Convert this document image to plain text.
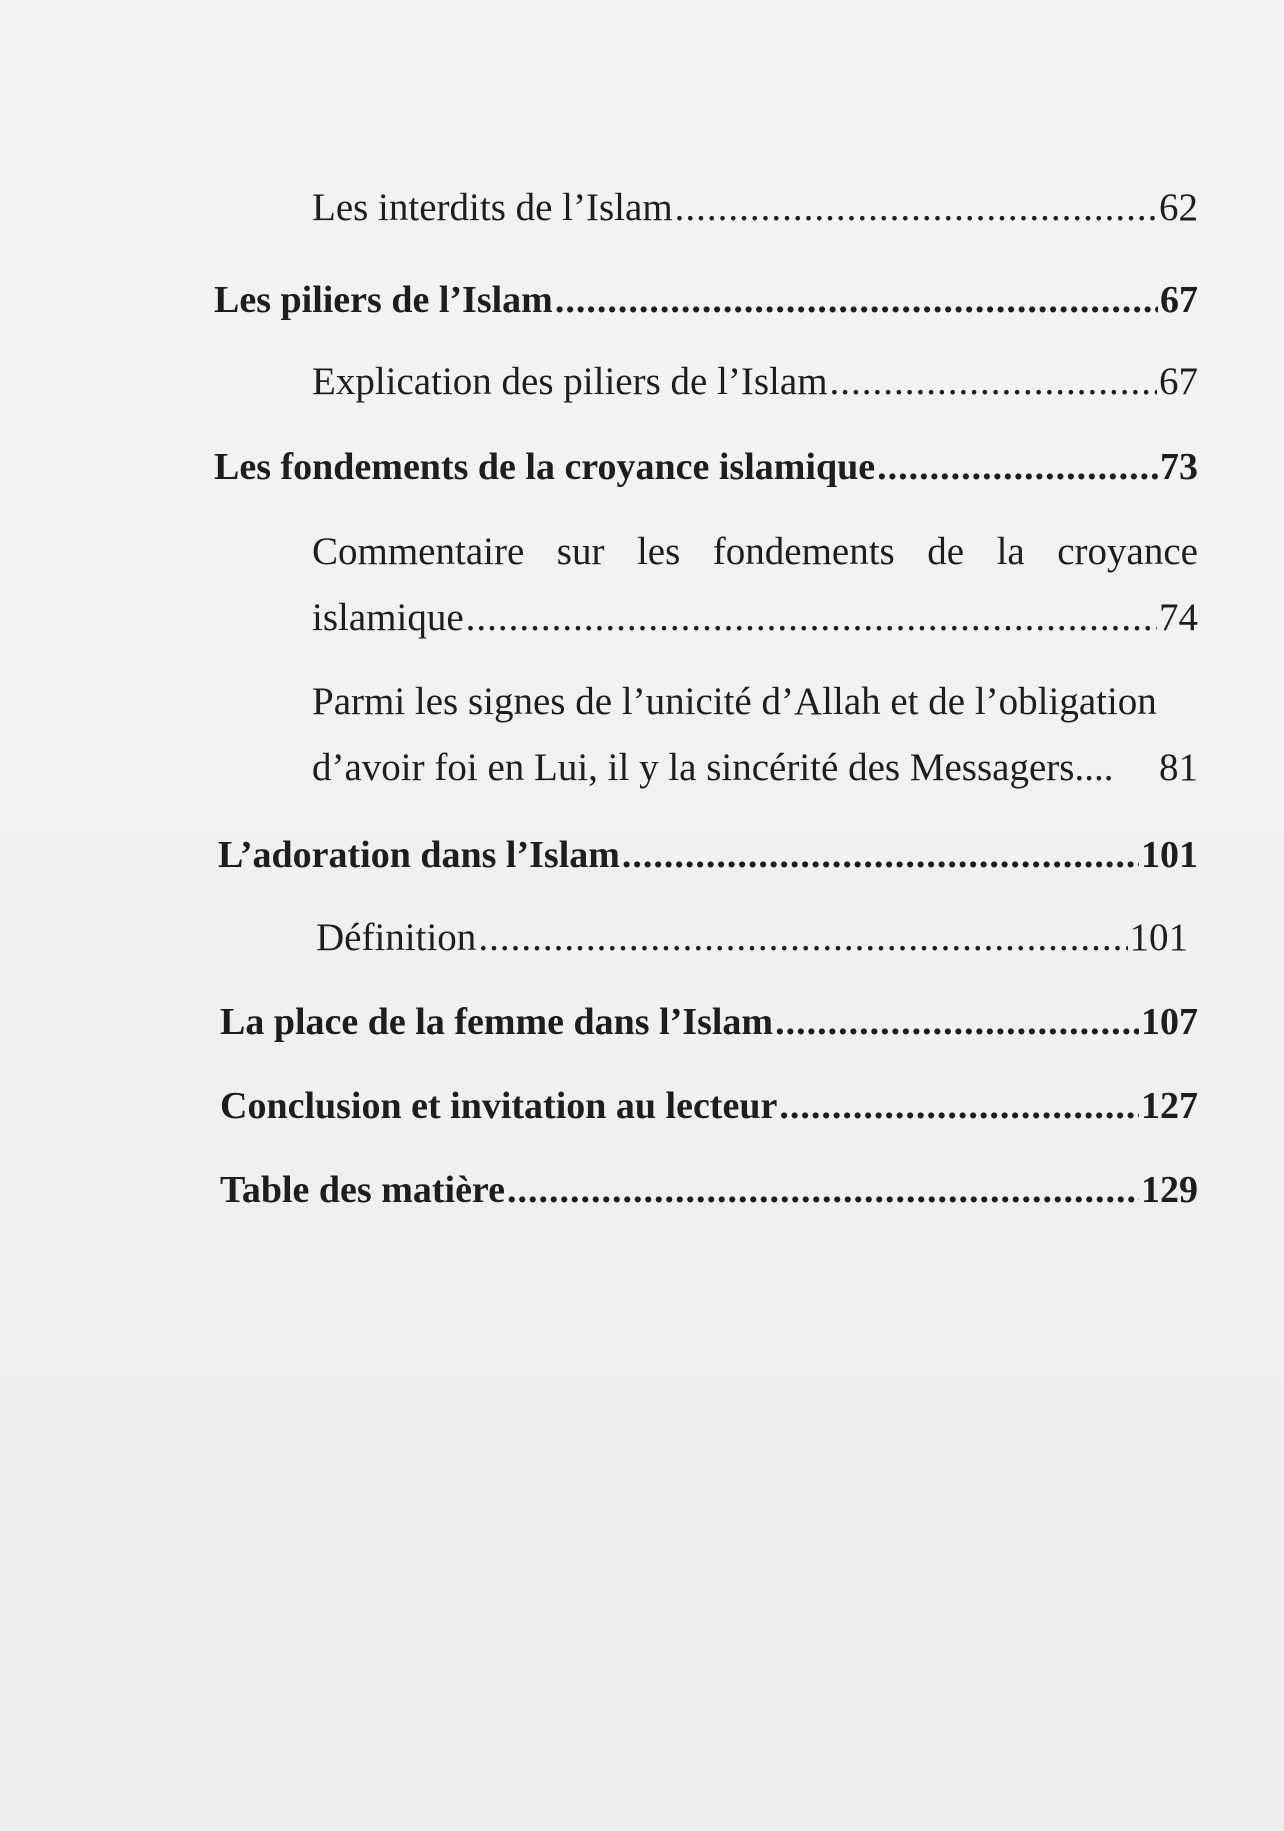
Les interdits de l’Islam .....	62
Les piliers de l’Islam .....	67
Explication des piliers de l’Islam .....	67
Les fondements de la croyance islamique .....	73
Commentaire sur les fondements de la croyance
islamique .....	74
Parmi les signes de l’unicité d’Allah et de l’obligation
d’avoir foi en Lui, il y la sincérité des Messagers.... 81
L’adoration dans l’Islam .....	101
Définition .....	101
La place de la femme dans l’Islam .....	107
Conclusion et invitation au lecteur .....	127
Table des matière .....	129
